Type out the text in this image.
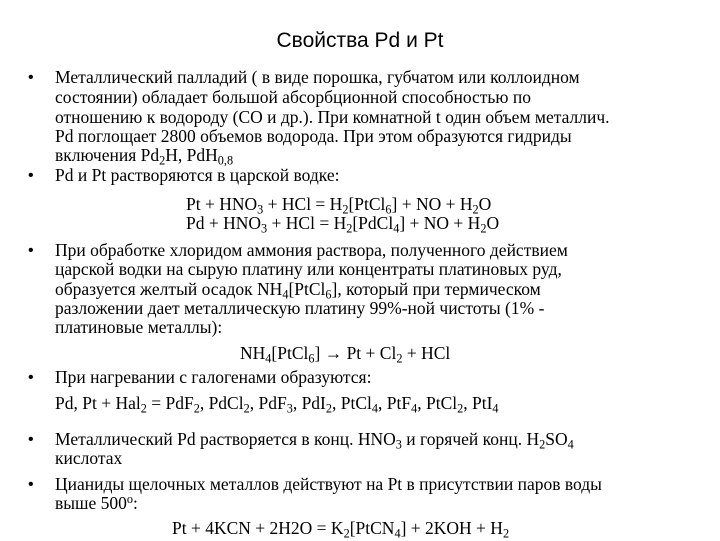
Свойства Pd и Pt
•	Металлический палладий ( в виде порошка, губчатом или коллоидном
состоянии) обладает большой абсорбционной способностью по
отношению к водороду (CO и др.). При комнатной t один объем металлич.
Pd поглощает 2800 объемов водорода. При этом образуются гидриды
включения $Pd_2H$, PdH$_{0,8}$
•	Pd и Pt растворяются в царской водке:
$Pt + HNO_3$ + HCl = $H_2[PtCl_6]$ + NO + $H_2O$
$Pd + HNO_3$ + HCl = $H_2[PdCl_4]$ + NO + $H_2O$
•	При обработке хлоридом аммония раствора, полученного действием
царской водки на сырую платину или концентраты платиновых руд,
образуется желтый осадок $NH_4[PtCl_6]$, который при термическом
разложении дает металлическую платину 99%-ной чистоты (1% -
платиновые металлы):
$NH_4[PtCl_6] \to Pt + Cl_2$ + HCl
•	При нагревании с галогенами образуются:
Pd, Pt + Hal$_2$ = PdF$_2$, PdCl$_2$, PdF$_3$, PdI$_2$, PtCl$_4$, PtF$_4$, PtCl$_2$, PtI$_4$
•	Металлический Pd растворяется в конц. $HNO_3$ и горячей конц. $H_2SO_4$
кислотах
•	Цианиды щелочных металлов действуют на Pt в присутствии паров воды
выше $500^о$:
$Pt + 4KCN + 2H2O = K_2[PtCN_4] + 2KOH + H_2$
